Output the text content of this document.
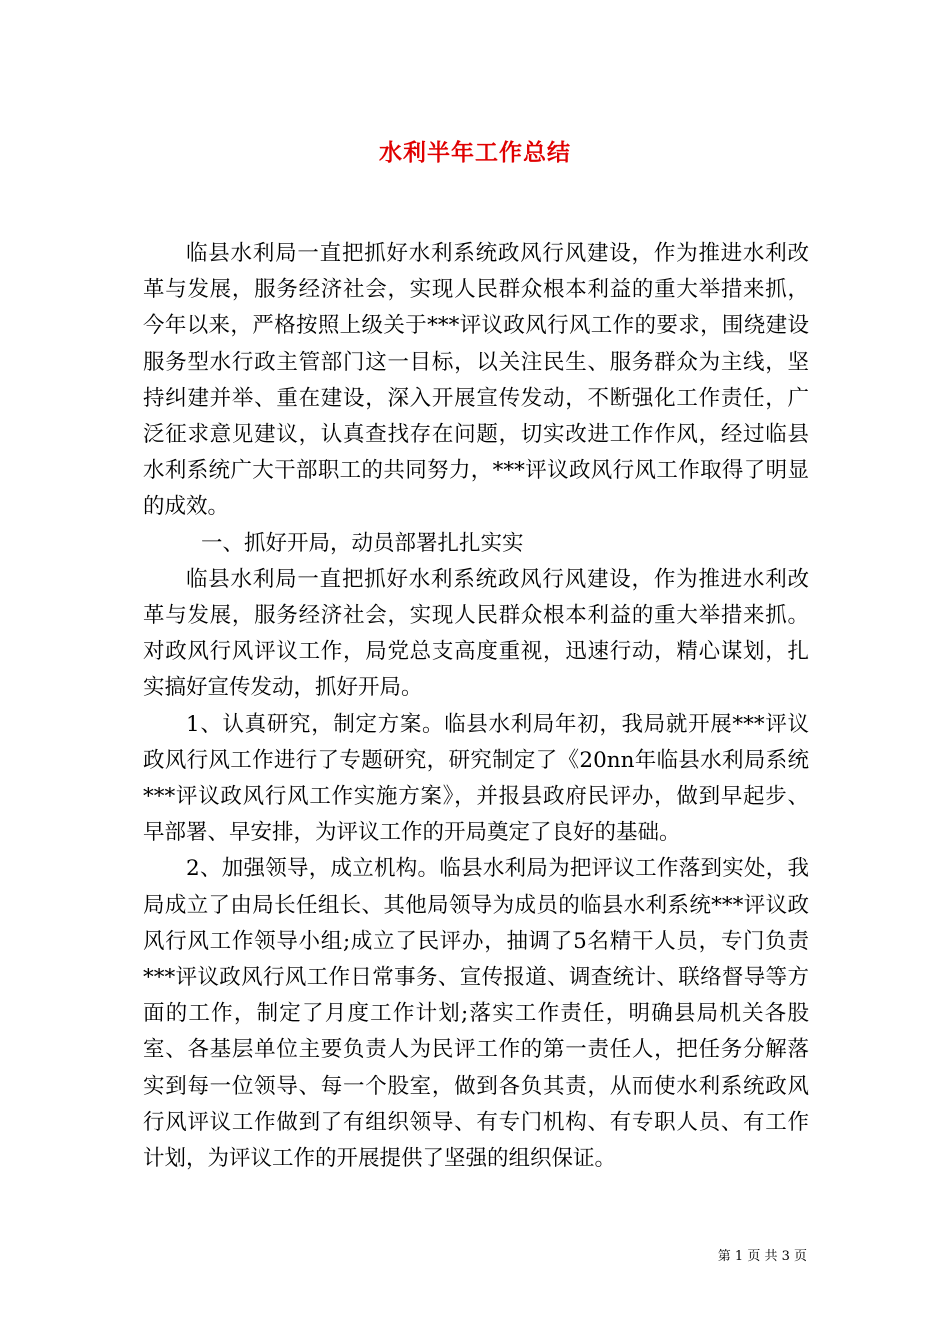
水利半年工作总结

临县水利局一直把抓好水利系统政风行风建设，作为推进水利改革与发展，服务经济社会，实现人民群众根本利益的重大举措来抓，今年以来，严格按照上级关于***评议政风行风工作的要求，围绕建设服务型水行政主管部门这一目标，以关注民生、服务群众为主线，坚持纠建并举、重在建设，深入开展宣传发动，不断强化工作责任，广泛征求意见建议，认真查找存在问题，切实改进工作作风，经过临县水利系统广大干部职工的共同努力，***评议政风行风工作取得了明显的成效。

一、抓好开局，动员部署扎扎实实

临县水利局一直把抓好水利系统政风行风建设，作为推进水利改革与发展，服务经济社会，实现人民群众根本利益的重大举措来抓。对政风行风评议工作，局党总支高度重视，迅速行动，精心谋划，扎实搞好宣传发动，抓好开局。

1、认真研究，制定方案。临县水利局年初，我局就开展***评议政风行风工作进行了专题研究，研究制定了《20nn年临县水利局系统***评议政风行风工作实施方案》，并报县政府民评办，做到早起步、早部署、早安排，为评议工作的开局奠定了良好的基础。

2、加强领导，成立机构。临县水利局为把评议工作落到实处，我局成立了由局长任组长、其他局领导为成员的临县水利系统***评议政风行风工作领导小组;成立了民评办，抽调了5名精干人员，专门负责***评议政风行风工作日常事务、宣传报道、调查统计、联络督导等方面的工作，制定了月度工作计划;落实工作责任，明确县局机关各股室、各基层单位主要负责人为民评工作的第一责任人，把任务分解落实到每一位领导、每一个股室，做到各负其责，从而使水利系统政风行风评议工作做到了有组织领导、有专门机构、有专职人员、有工作计划，为评议工作的开展提供了坚强的组织保证。

第 1 页 共 3 页
